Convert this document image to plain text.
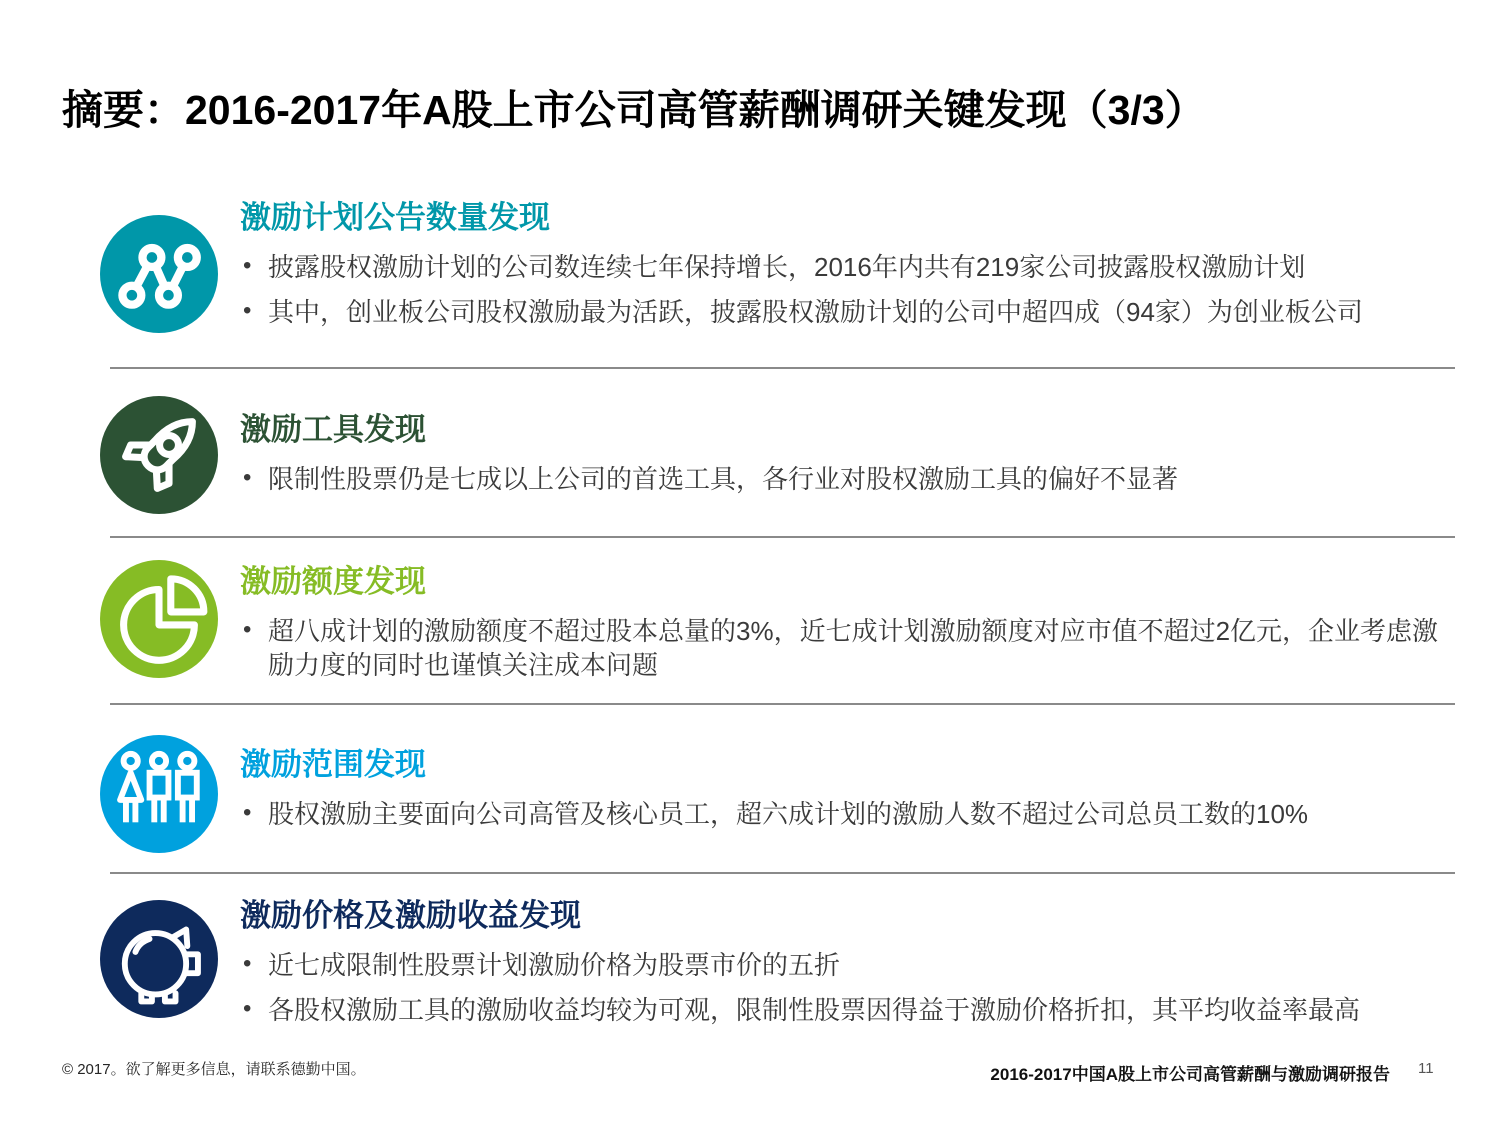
摘要：2016-2017年A股上市公司高管薪酬调研关键发现（3/3）
激励计划公告数量发现
• 披露股权激励计划的公司数连续七年保持增长，2016年内共有219家公司披露股权激励计划
• 其中，创业板公司股权激励最为活跃，披露股权激励计划的公司中超四成（94家）为创业板公司
激励工具发现
• 限制性股票仍是七成以上公司的首选工具，各行业对股权激励工具的偏好不显著
激励额度发现
• 超八成计划的激励额度不超过股本总量的3%，近七成计划激励额度对应市值不超过2亿元，企业考虑激励力度的同时也谨慎关注成本问题
激励范围发现
• 股权激励主要面向公司高管及核心员工，超六成计划的激励人数不超过公司总员工数的10%
激励价格及激励收益发现
• 近七成限制性股票计划激励价格为股票市价的五折
• 各股权激励工具的激励收益均较为可观，限制性股票因得益于激励价格折扣，其平均收益率最高
© 2017。欲了解更多信息，请联系德勤中国。	2016-2017中国A股上市公司高管薪酬与激励调研报告 11
